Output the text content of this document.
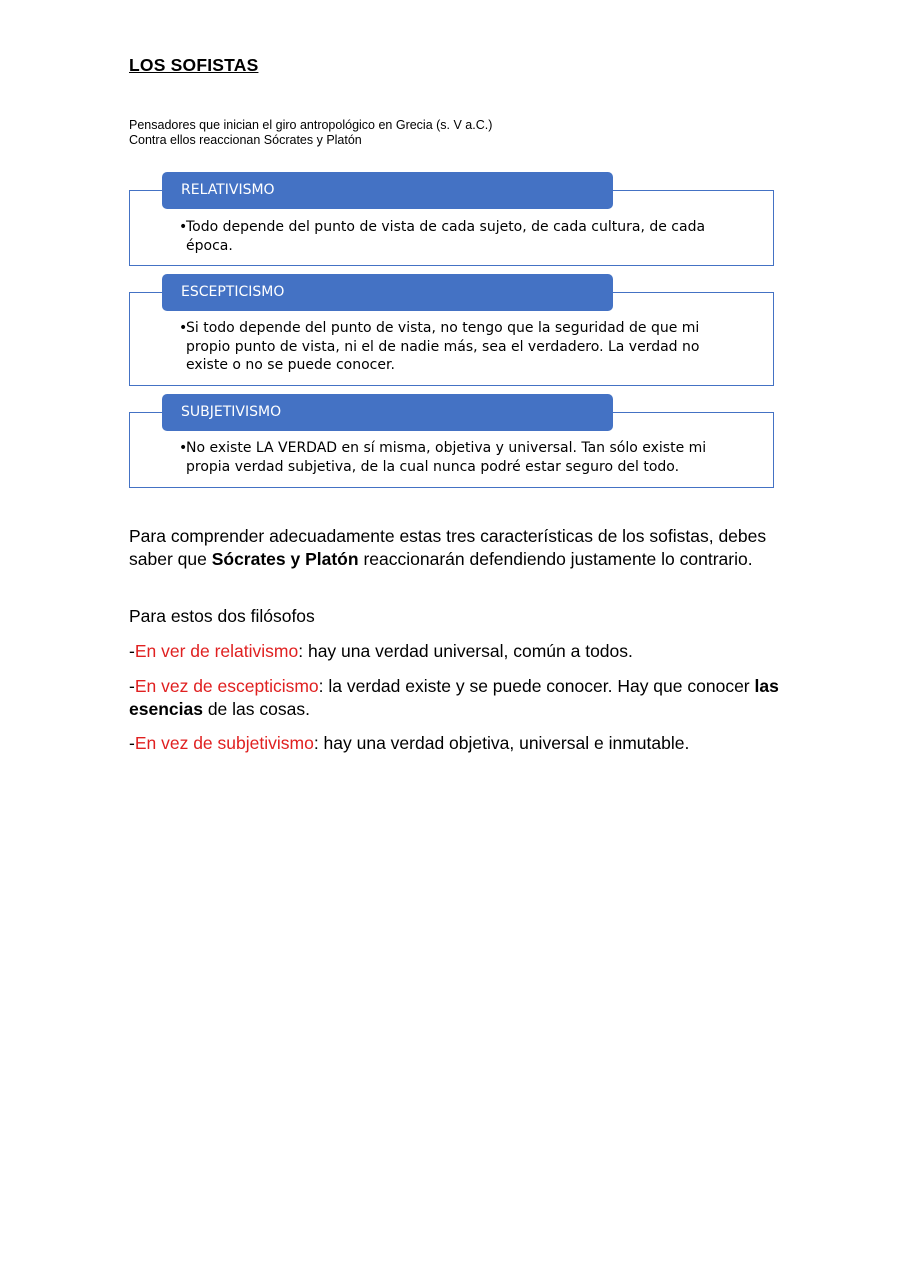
LOS SOFISTAS
Pensadores que inician el giro antropológico en Grecia (s. V a.C.)
Contra ellos reaccionan Sócrates y Platón
RELATIVISMO
•
Todo depende del punto de vista de cada sujeto, de cada cultura, de cada época.
ESCEPTICISMO
•
Si todo depende del punto de vista, no tengo que la seguridad de que mi propio punto de vista, ni el de nadie más, sea el verdadero. La verdad no existe o no se puede conocer.
SUBJETIVISMO
•
No existe LA VERDAD en sí misma, objetiva y universal. Tan sólo existe mi propia verdad subjetiva, de la cual nunca podré estar seguro del todo.
Para comprender adecuadamente estas tres características de los sofistas, debes saber que Sócrates y Platón reaccionarán defendiendo justamente lo contrario.
Para estos dos filósofos
-En ver de relativismo: hay una verdad universal, común a todos.
-En vez de escepticismo: la verdad existe y se puede conocer. Hay que conocer las esencias de las cosas.
-En vez de subjetivismo: hay una verdad objetiva, universal e inmutable.
